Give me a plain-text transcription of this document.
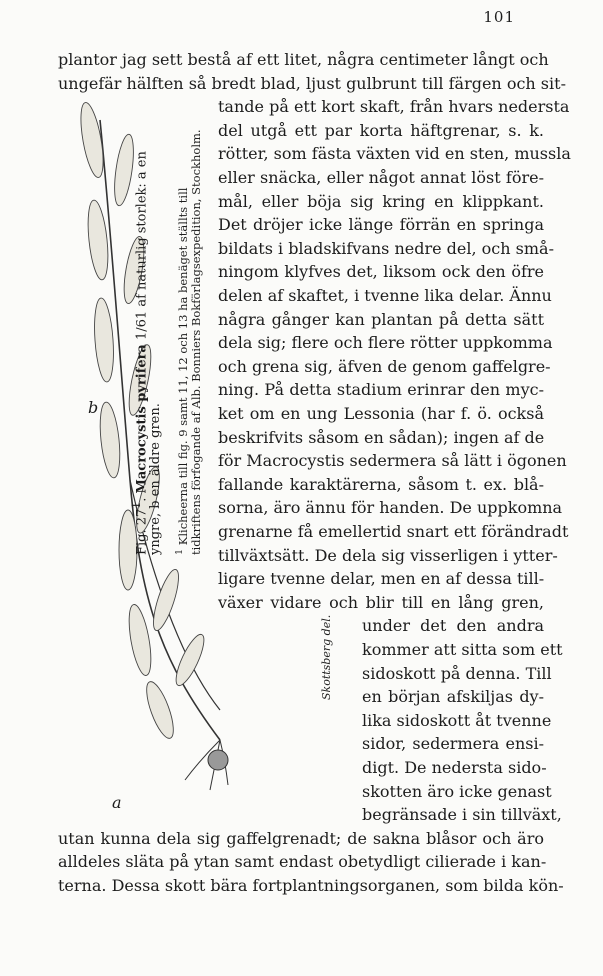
101
plantor jag sett bestå af ett litet, några centimeter långt och
ungefär hälften så bredt blad, ljust gulbrunt till färgen och sit-
tande på ett kort skaft, från hvars nedersta
del utgå ett par korta häftgrenar, s. k.
rötter, som fästa växten vid en sten, mussla
eller snäcka, eller något annat löst före-
mål, eller böja sig kring en klippkant.
Det dröjer icke länge förrän en springa
bildats i bladskifvans nedre del, och små-
ningom klyfves det, liksom ock den öfre
delen af skaftet, i tvenne lika delar. Ännu
några gånger kan plantan på detta sätt
dela sig; flere och flere rötter uppkomma
och grena sig, äfven de genom gaffelgre-
ning. På detta stadium erinrar den myc-
ket om en ung Lessonia (har f. ö. också
beskrifvits såsom en sådan); ingen af de
för Macrocystis sedermera så lätt i ögonen
fallande karaktärerna, såsom t. ex. blå-
sorna, äro ännu för handen. De uppkomna
grenarne få emellertid snart ett förändradt
tillväxtsätt. De dela sig visserligen i ytter-
ligare tvenne delar, men en af dessa till-
växer vidare och blir till en lång gren,
under det den andra
kommer att sitta som ett
sidoskott på denna. Till
en början afskiljas dy-
lika sidoskott åt tvenne
sidor, sedermera ensi-
digt. De nedersta sido-
skotten äro icke genast
begränsade i sin tillväxt,
utan kunna dela sig gaffelgrenadt; de sakna blåsor och äro
alldeles släta på ytan samt endast obetydligt cilierade i kan-
terna. Dessa skott bära fortplantningsorganen, som bilda kön-
Fig. $27^1$. Macrocystis pyrifera 1/61 af naturlig storlek: a en
yngre, b en äldre gren. $^1$ Klicheerna till fig. 9 samt 11, 12 och 13 ha benäget ställts till tidkriftens förfogande af Alb. Bonniers Bokförlagsexpedition, Stockholm.
b
a
Skottsberg del.
